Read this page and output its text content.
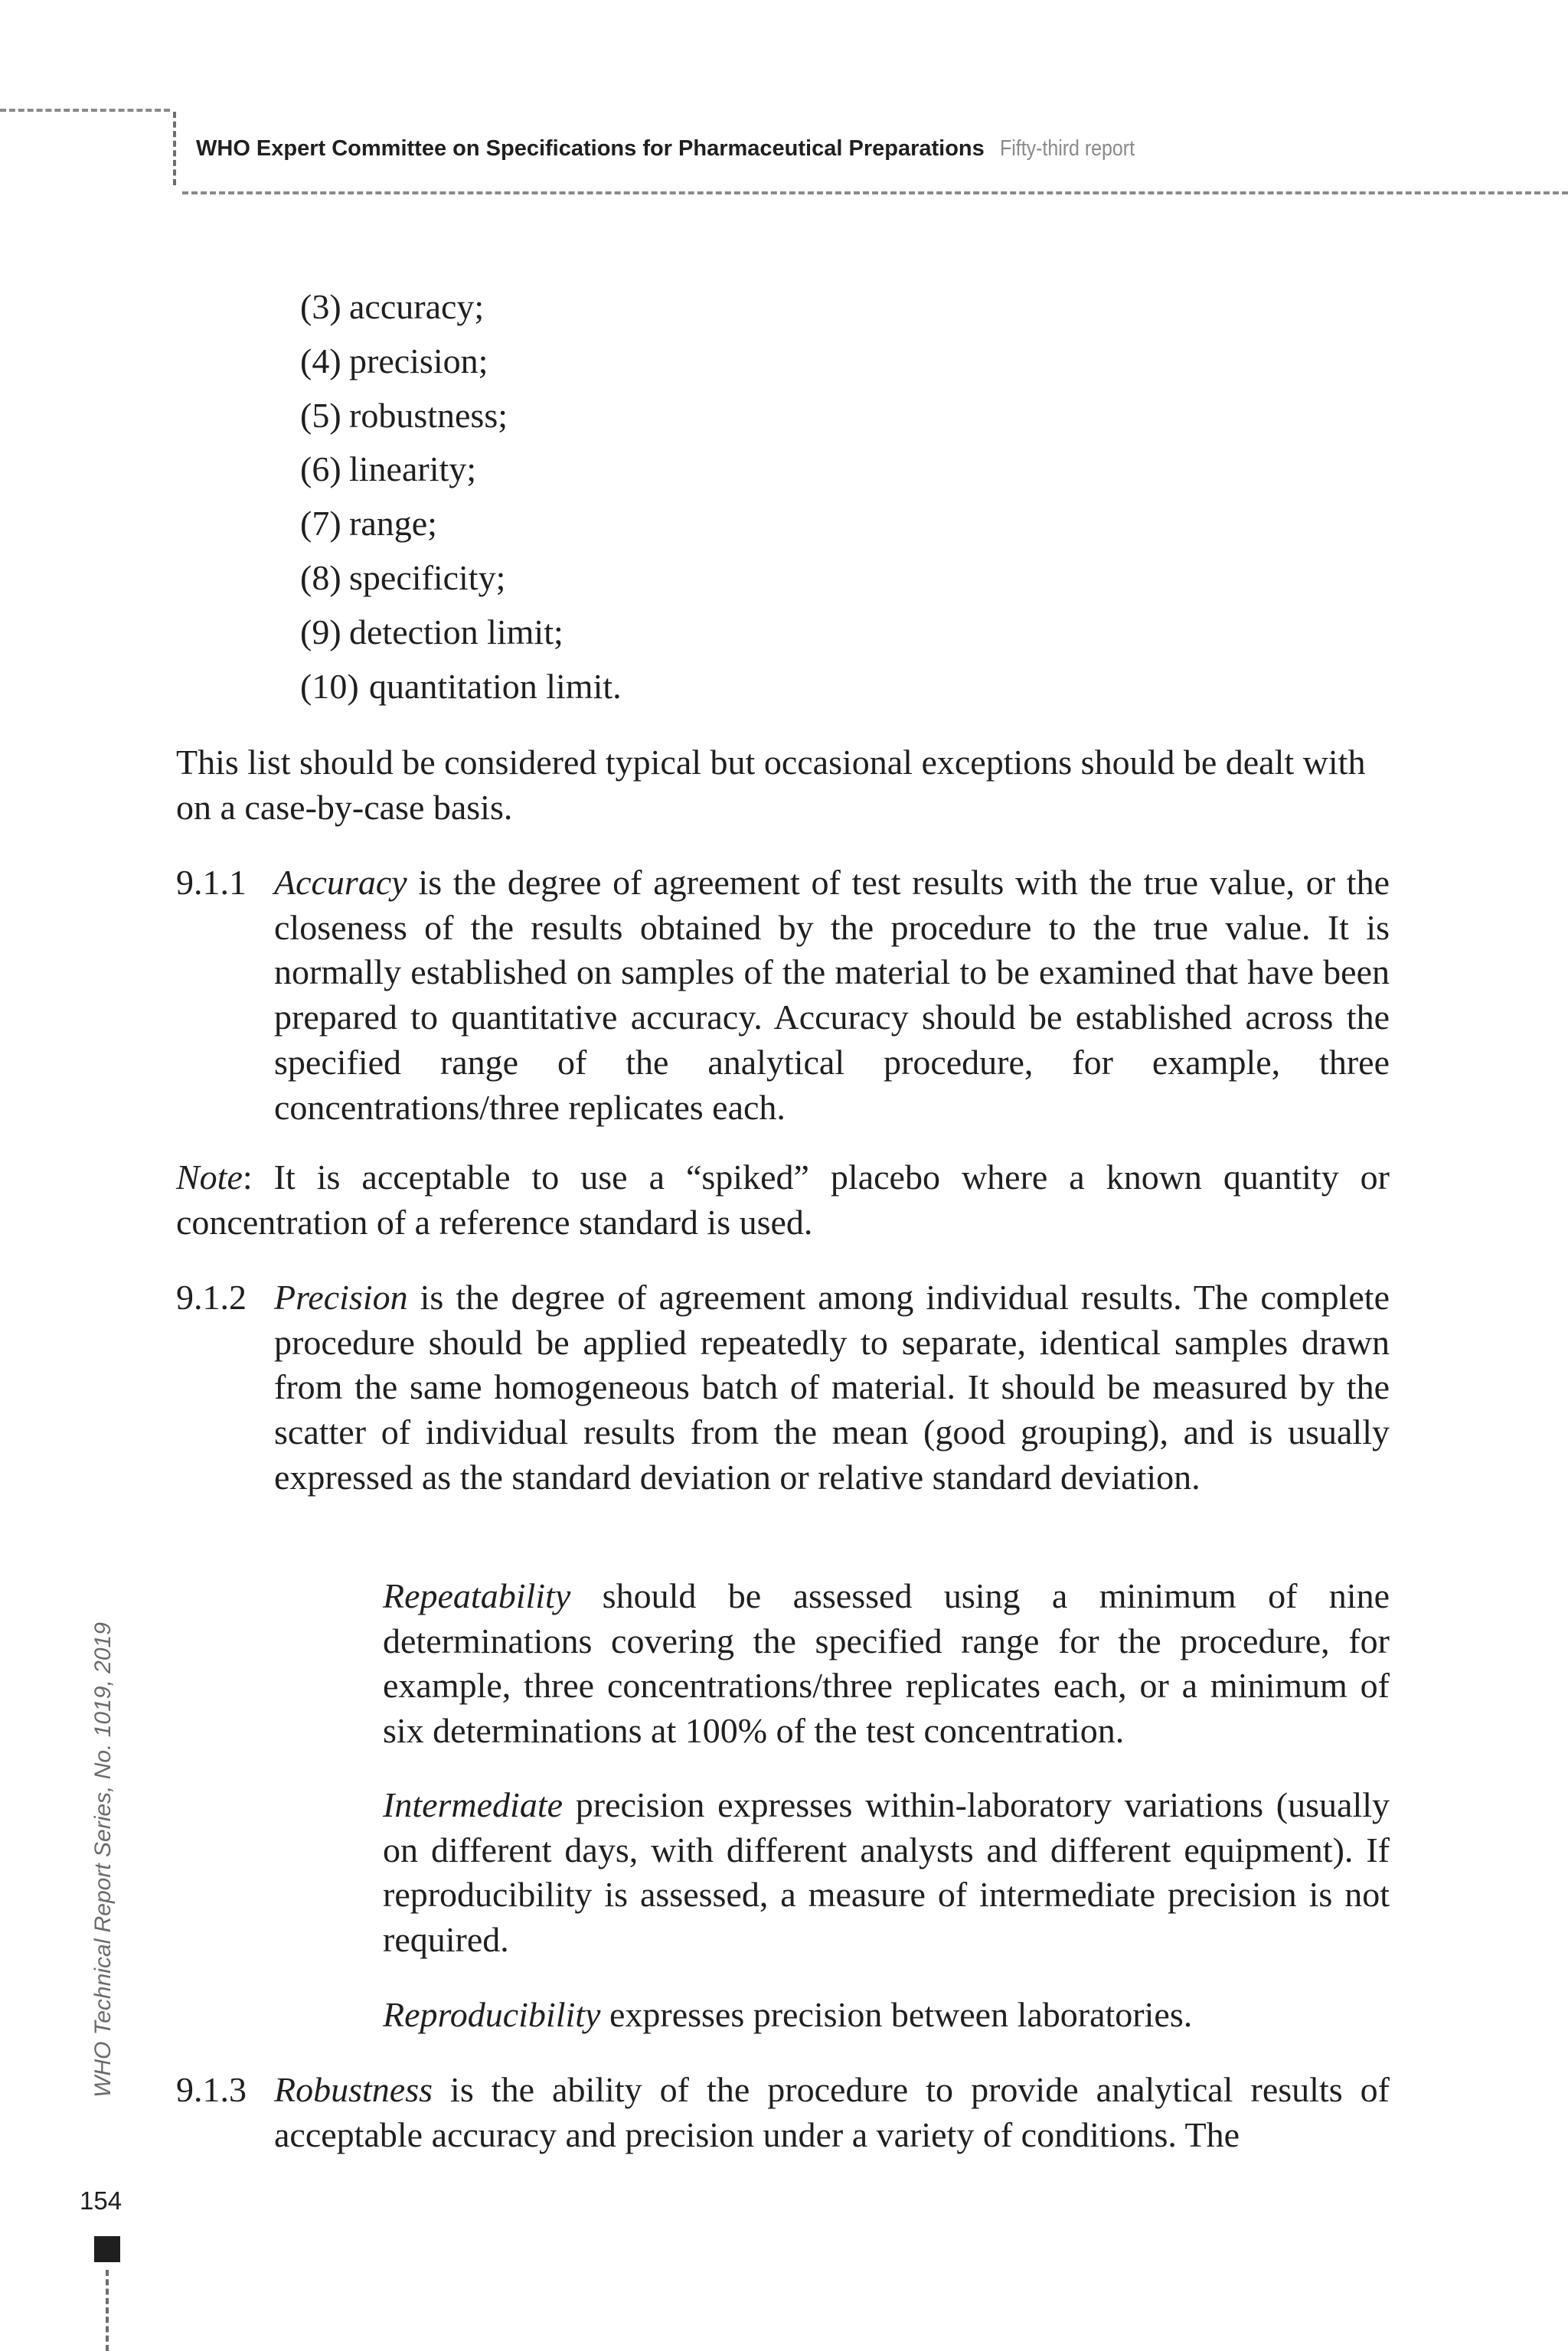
WHO Expert Committee on Specifications for Pharmaceutical Preparations Fifty-third report
WHO Technical Report Series, No. 1019, 2019
154
(3) accuracy;
(4) precision;
(5) robustness;
(6) linearity;
(7) range;
(8) specificity;
(9) detection limit;
(10) quantitation limit.
This list should be considered typical but occasional exceptions should be dealt with on a case-by-case basis.
9.1.1 Accuracy is the degree of agreement of test results with the true value, or the closeness of the results obtained by the procedure to the true value. It is normally established on samples of the material to be examined that have been prepared to quantitative accuracy. Accuracy should be established across the specified range of the analytical procedure, for example, three concentrations/three replicates each.
Note: It is acceptable to use a “spiked” placebo where a known quantity or concentration of a reference standard is used.
9.1.2 Precision is the degree of agreement among individual results. The complete procedure should be applied repeatedly to separate, identical samples drawn from the same homogeneous batch of material. It should be measured by the scatter of individual results from the mean (good grouping), and is usually expressed as the standard deviation or relative standard deviation.
Repeatability should be assessed using a minimum of nine determinations covering the specified range for the procedure, for example, three concentrations/three replicates each, or a minimum of six determinations at 100% of the test concentration.
Intermediate precision expresses within-laboratory variations (usually on different days, with different analysts and different equipment). If reproducibility is assessed, a measure of intermediate precision is not required.
Reproducibility expresses precision between laboratories.
9.1.3 Robustness is the ability of the procedure to provide analytical results of acceptable accuracy and precision under a variety of conditions. The
